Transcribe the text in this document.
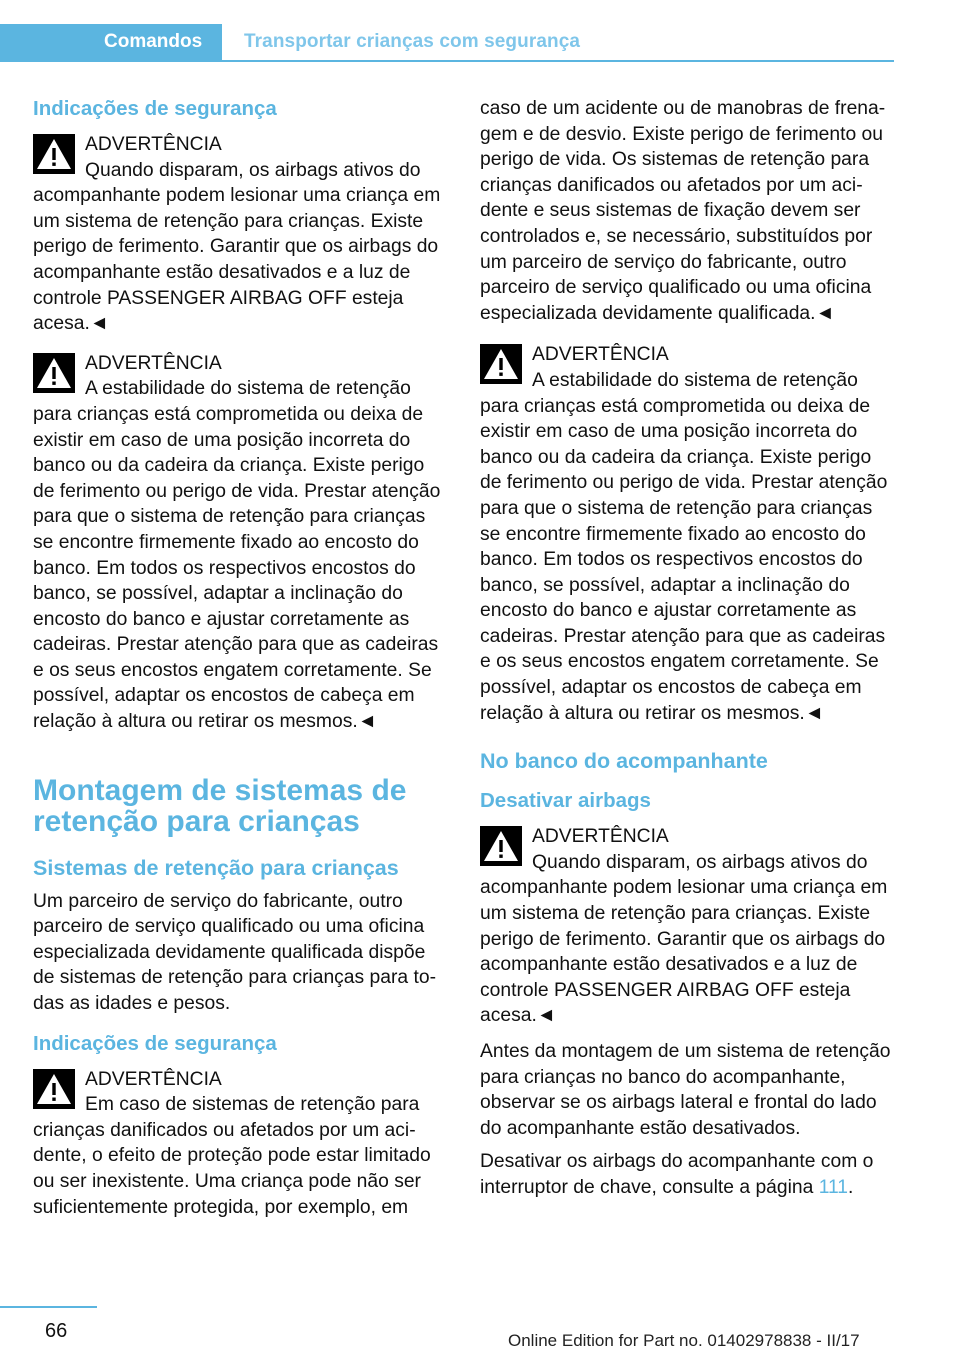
Comandos	Transportar crianças com segurança
Indicações de segurança
ADVERTÊNCIA

Quando disparam, os airbags ativos do acompanhante podem lesionar uma criança em um sistema de retenção para crianças. Existe perigo de ferimento. Garantir que os airbags do acompanhante estão desativados e a luz de controle PASSENGER AIRBAG OFF esteja acesa.◄

ADVERTÊNCIA

A estabilidade do sistema de retenção para crianças está comprometida ou deixa de existir em caso de uma posição incorreta do banco ou da cadeira da criança. Existe perigo de ferimento ou perigo de vida. Prestar atenção para que o sistema de retenção para crianças se encontre firmemente fixado ao encosto do banco. Em todos os respectivos encostos do banco, se possível, adaptar a inclinação do encosto do banco e ajustar corretamente as cadeiras. Prestar atenção para que as cadeiras e os seus encostos engatem corretamente. Se possível, adaptar os encostos de cabeça em relação à altura ou retirar os mesmos.◄

Montagem de sistemas de retenção para crianças
Sistemas de retenção para crianças

Um parceiro de serviço do fabricante, outro parceiro de serviço qualificado ou uma oficina especializada devidamente qualificada dispõe de sistemas de retenção para crianças para todas as idades e pesos.

Indicações de segurança
ADVERTÊNCIA

Em caso de sistemas de retenção para crianças danificados ou afetados por um acidente, o efeito de proteção pode estar limitado ou ser inexistente. Uma criança pode não ser suficientemente protegida, por exemplo, em

caso de um acidente ou de manobras de frenagem e de desvio. Existe perigo de ferimento ou perigo de vida. Os sistemas de retenção para crianças danificados ou afetados por um acidente e seus sistemas de fixação devem ser controlados e, se necessário, substituídos por um parceiro de serviço do fabricante, outro parceiro de serviço qualificado ou uma oficina especializada devidamente qualificada.◄

ADVERTÊNCIA

A estabilidade do sistema de retenção para crianças está comprometida ou deixa de existir em caso de uma posição incorreta do banco ou da cadeira da criança. Existe perigo de ferimento ou perigo de vida. Prestar atenção para que o sistema de retenção para crianças se encontre firmemente fixado ao encosto do banco. Em todos os respectivos encostos do banco, se possível, adaptar a inclinação do encosto do banco e ajustar corretamente as cadeiras. Prestar atenção para que as cadeiras e os seus encostos engatem corretamente. Se possível, adaptar os encostos de cabeça em relação à altura ou retirar os mesmos.◄

No banco do acompanhante
Desativar airbags
ADVERTÊNCIA

Quando disparam, os airbags ativos do acompanhante podem lesionar uma criança em um sistema de retenção para crianças. Existe perigo de ferimento. Garantir que os airbags do acompanhante estão desativados e a luz de controle PASSENGER AIRBAG OFF esteja acesa.◄

Antes da montagem de um sistema de retenção para crianças no banco do acompanhante, observar se os airbags lateral e frontal do lado do acompanhante estão desativados.

Desativar os airbags do acompanhante com o interruptor de chave, consulte a página 111.

66	Online Edition for Part no. 01402978838 - II/17
